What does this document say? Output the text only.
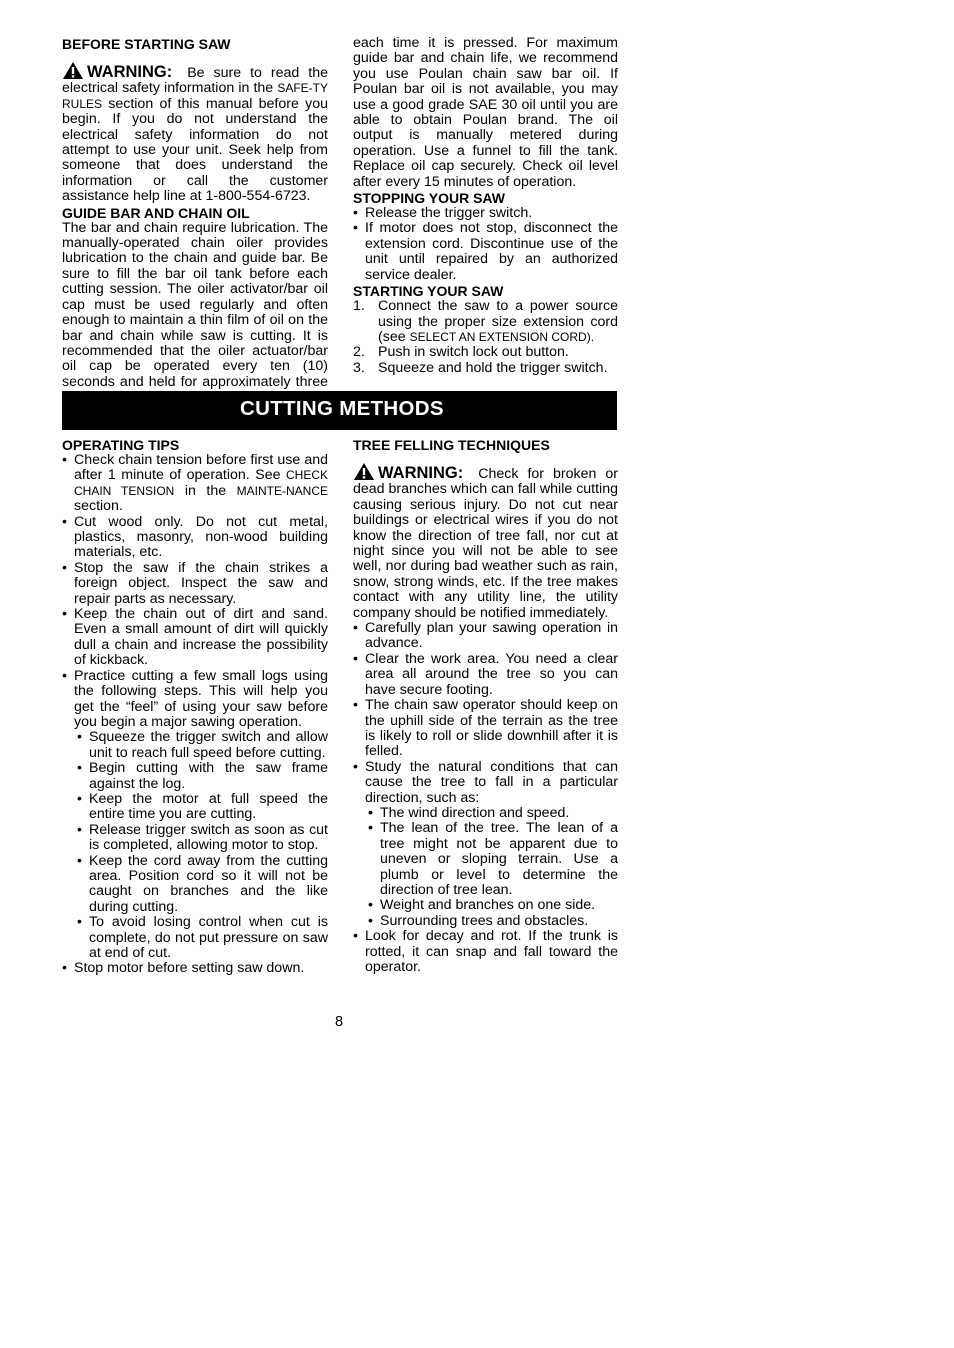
BEFORE STARTING SAW

WARNING: Be sure to read the electrical safety information in the SAFE-TY RULES section of this manual before you begin. If you do not understand the electrical safety information do not attempt to use your unit. Seek help from someone that does understand the information or call the customer assistance help line at 1-800-554-6723.

GUIDE BAR AND CHAIN OIL

The bar and chain require lubrication. The manually-operated chain oiler provides lubrication to the chain and guide bar. Be sure to fill the bar oil tank before each cutting session. The oiler activator/bar oil cap must be used regularly and often enough to maintain a thin film of oil on the bar and chain while saw is cutting. It is recommended that the oiler actuator/bar oil cap be operated every ten (10) seconds and held for approximately three

each time it is pressed. For maximum guide bar and chain life, we recommend you use Poulan chain saw bar oil. If Poulan bar oil is not available, you may use a good grade SAE 30 oil until you are able to obtain Poulan brand. The oil output is manually metered during operation. Use a funnel to fill the tank. Replace oil cap securely. Check oil level after every 15 minutes of operation.

STOPPING YOUR SAW

• Release the trigger switch.
• If motor does not stop, disconnect the extension cord. Discontinue use of the unit until repaired by an authorized service dealer.

STARTING YOUR SAW

1. Connect the saw to a power source using the proper size extension cord (see SELECT AN EXTENSION CORD).
2. Push in switch lock out button.
3. Squeeze and hold the trigger switch.
CUTTING METHODS

OPERATING TIPS

• Check chain tension before first use and after 1 minute of operation. See CHECK CHAIN TENSION in the MAINTE-NANCE section.
• Cut wood only. Do not cut metal, plastics, masonry, non-wood building materials, etc.
• Stop the saw if the chain strikes a foreign object. Inspect the saw and repair parts as necessary.
• Keep the chain out of dirt and sand. Even a small amount of dirt will quickly dull a chain and increase the possibility of kickback.
• Practice cutting a few small logs using the following steps. This will help you get the “feel” of using your saw before you begin a major sawing operation.
• Squeeze the trigger switch and allow unit to reach full speed before cutting.
• Begin cutting with the saw frame against the log.
• Keep the motor at full speed the entire time you are cutting.
• Release trigger switch as soon as cut is completed, allowing motor to stop.
• Keep the cord away from the cutting area. Position cord so it will not be caught on branches and the like during cutting.
• To avoid losing control when cut is complete, do not put pressure on saw at end of cut.
• Stop motor before setting saw down.

TREE FELLING TECHNIQUES

WARNING: Check for broken or dead branches which can fall while cutting causing serious injury. Do not cut near buildings or electrical wires if you do not know the direction of tree fall, nor cut at night since you will not be able to see well, nor during bad weather such as rain, snow, strong winds, etc. If the tree makes contact with any utility line, the utility company should be notified immediately.

• Carefully plan your sawing operation in advance.
• Clear the work area. You need a clear area all around the tree so you can have secure footing.
• The chain saw operator should keep on the uphill side of the terrain as the tree is likely to roll or slide downhill after it is felled.
• Study the natural conditions that can cause the tree to fall in a particular direction, such as:
• The wind direction and speed.
• The lean of the tree. The lean of a tree might not be apparent due to uneven or sloping terrain. Use a plumb or level to determine the direction of tree lean.
• Weight and branches on one side.
• Surrounding trees and obstacles.
• Look for decay and rot. If the trunk is rotted, it can snap and fall toward the operator.
8
